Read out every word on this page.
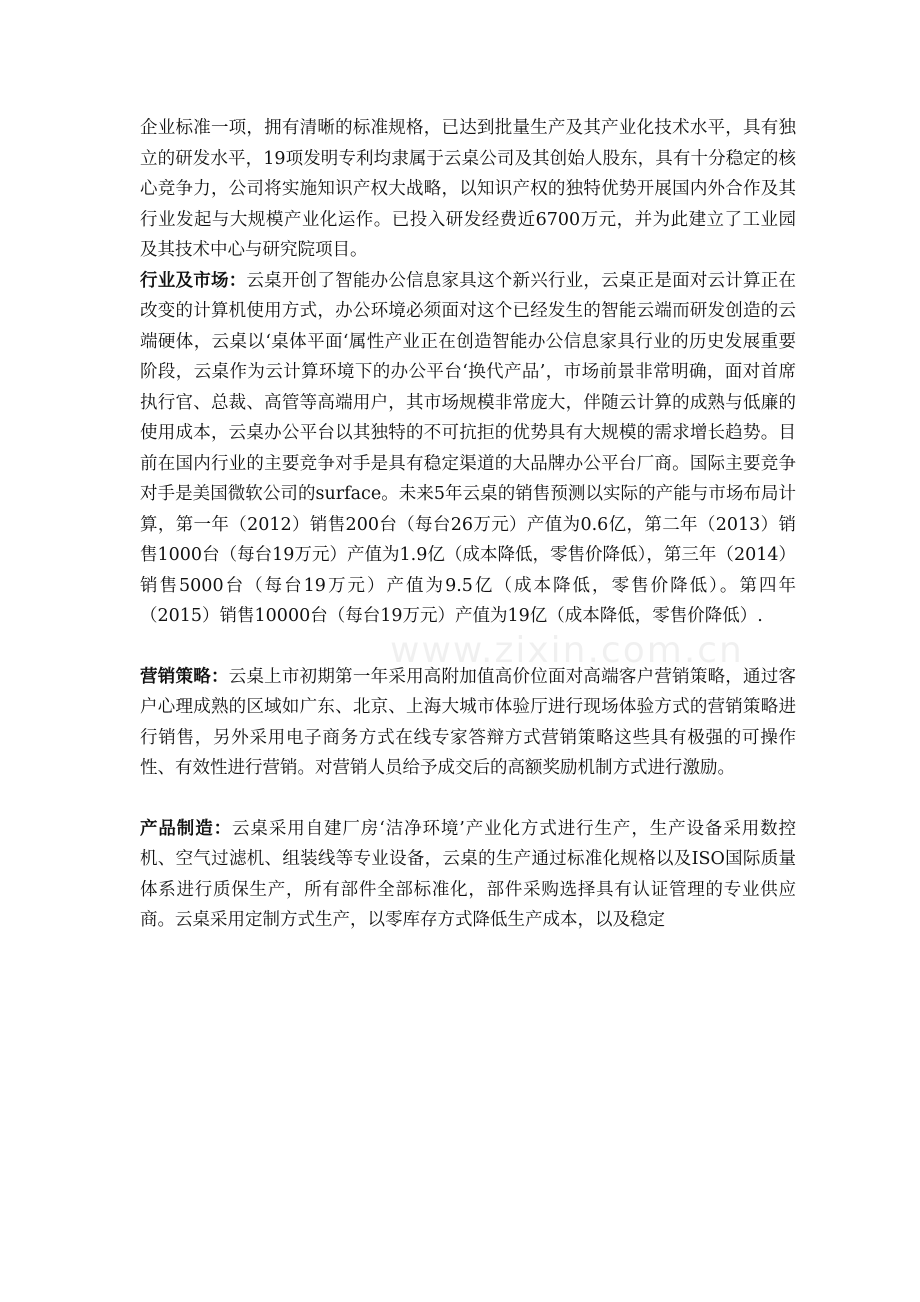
www.zixin.com.cn

企业标准一项，拥有清晰的标准规格，已达到批量生产及其产业化技术水平，具有独立的研发水平，19项发明专利均隶属于云桌公司及其创始人股东，具有十分稳定的核心竞争力，公司将实施知识产权大战略，以知识产权的独特优势开展国内外合作及其行业发起与大规模产业化运作。已投入研发经费近6700万元，并为此建立了工业园及其技术中心与研究院项目。

行业及市场：云桌开创了智能办公信息家具这个新兴行业，云桌正是面对云计算正在改变的计算机使用方式，办公环境必须面对这个已经发生的智能云端而研发创造的云端硬体，云桌以‘桌体平面‘属性产业正在创造智能办公信息家具行业的历史发展重要阶段，云桌作为云计算环境下的办公平台‘换代产品’，市场前景非常明确，面对首席执行官、总裁、高管等高端用户，其市场规模非常庞大，伴随云计算的成熟与低廉的使用成本，云桌办公平台以其独特的不可抗拒的优势具有大规模的需求增长趋势。目前在国内行业的主要竞争对手是具有稳定渠道的大品牌办公平台厂商。国际主要竞争对手是美国微软公司的surface。未来5年云桌的销售预测以实际的产能与市场布局计算，第一年（2012）销售200台（每台26万元）产值为0.6亿，第二年（2013）销售1000台（每台19万元）产值为1.9亿（成本降低，零售价降低），第三年（2014）销售5000台（每台19万元）产值为9.5亿（成本降低，零售价降低）。第四年（2015）销售10000台（每台19万元）产值为19亿（成本降低，零售价降低）.

营销策略：云桌上市初期第一年采用高附加值高价位面对高端客户营销策略，通过客户心理成熟的区域如广东、北京、上海大城市体验厅进行现场体验方式的营销策略进行销售，另外采用电子商务方式在线专家答辩方式营销策略这些具有极强的可操作性、有效性进行营销。对营销人员给予成交后的高额奖励机制方式进行激励。

产品制造：云桌采用自建厂房‘洁净环境’产业化方式进行生产，生产设备采用数控机、空气过滤机、组装线等专业设备，云桌的生产通过标准化规格以及ISO国际质量体系进行质保生产，所有部件全部标准化，部件采购选择具有认证管理的专业供应商。云桌采用定制方式生产，以零库存方式降低生产成本，以及稳定
